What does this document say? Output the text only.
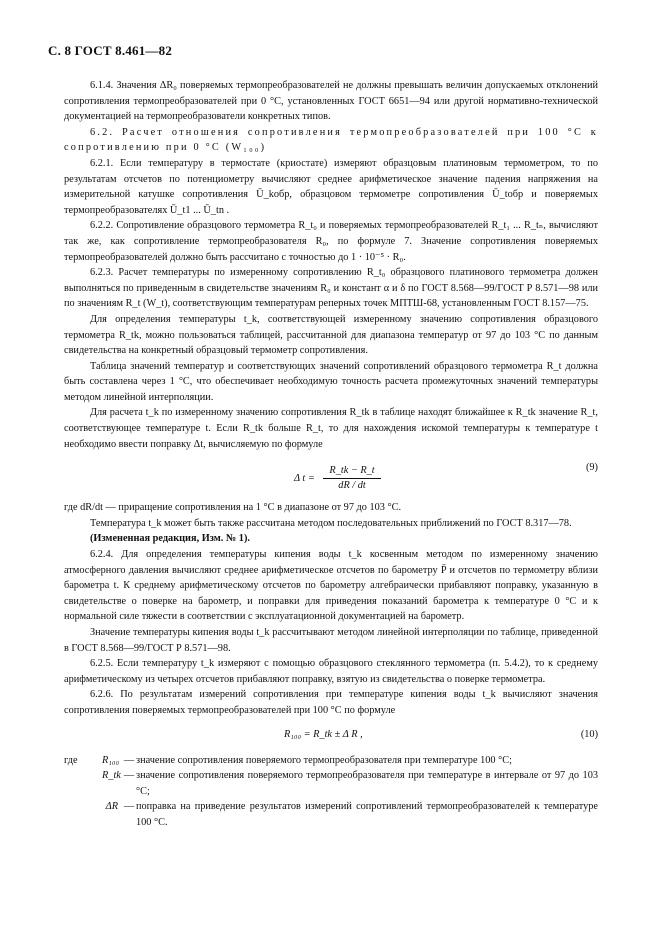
С. 8 ГОСТ 8.461—82

6.1.4. Значения ΔR₀ поверяемых термопреобразователей не должны превышать величин допускаемых отклонений сопротивления термопреобразователей при 0 °С, установленных ГОСТ 6651—94 или другой нормативно-технической документацией на термопреобразователи конкретных типов.

6.2. Расчет отношения сопротивления термопреобразователей при 100 °С к сопротивлению при 0 °С (W₁₀₀)

6.2.1. Если температуру в термостате (криостате) измеряют образцовым платиновым термометром, то по результатам отсчетов по потенциометру вычисляют среднее арифметическое значение падения напряжения на измерительной катушке сопротивления Ū_kобр, образцовом термометре сопротивления Ū_tобр и поверяемых термопреобразователях Ū_t1 ... Ū_tn .

6.2.2. Сопротивление образцового термометра R_t₀ и поверяемых термопреобразователей R_t₁ ... R_tₙ, вычисляют так же, как сопротивление термопреобразователя R₀, по формуле 7. Значение сопротивления поверяемых термопреобразователей должно быть рассчитано с точностью до 1 · 10⁻⁵ · R₀.

6.2.3. Расчет температуры по измеренному сопротивлению R_t₀ образцового платинового термометра должен выполняться по приведенным в свидетельстве значениям R₀ и констант α и δ по ГОСТ 8.568—99/ГОСТ Р 8.571—98 или по значениям R_t (W_t), соответствующим температурам реперных точек МПТШ-68, установленным ГОСТ 8.157—75.

Для определения температуры t_k, соответствующей измеренному значению сопротивления образцового термометра R_tk, можно пользоваться таблицей, рассчитанной для диапазона температур от 97 до 103 °С по данным свидетельства на конкретный образцовый термометр сопротивления.

Таблица значений температур и соответствующих значений сопротивлений образцового термометра R_t должна быть составлена через 1 °С, что обеспечивает необходимую точность расчета промежуточных значений температуры методом линейной интерполяции.

Для расчета t_k по измеренному значению сопротивления R_tk в таблице находят ближайшее к R_tk значение R_t, соответствующее температуре t. Если R_tk больше R_t, то для нахождения искомой температуры к температуре t необходимо ввести поправку Δt, вычисляемую по формуле

Δ $t = \frac{R\_tk - R\_t}{dR / dt}$	(9)

где dR/dt — приращение сопротивления на 1 °С в диапазоне от 97 до 103 °С.

Температура t_k может быть также рассчитана методом последовательных приближений по ГОСТ 8.317—78.

(Измененная редакция, Изм. № 1).

6.2.4. Для определения температуры кипения воды t_k косвенным методом по измеренному значению атмосферного давления вычисляют среднее арифметическое отсчетов по барометру P̄ и отсчетов по термометру вблизи барометра t. К среднему арифметическому отсчетов по барометру алгебраически прибавляют поправку, указанную в свидетельстве о поверке на барометр, и поправки для приведения показаний барометра к температуре 0 °С и к нормальной силе тяжести в соответствии с эксплуатационной документацией на барометр.

Значение температуры кипения воды t_k рассчитывают методом линейной интерполяции по таблице, приведенной в ГОСТ 8.568—99/ГОСТ Р 8.571—98.

6.2.5. Если температуру t_k измеряют с помощью образцового стеклянного термометра (п. 5.4.2), то к среднему арифметическому из четырех отсчетов прибавляют поправку, взятую из свидетельства о поверке термометра.

6.2.6. По результатам измерений сопротивления при температуре кипения воды t_k вычисляют значения сопротивления поверяемых термопреобразователей при 100 °С по формуле

R₁₀₀ = R_tk ± Δ R ,	(10)
где	R₁₀₀ — значение сопротивления поверяемого термопреобразователя при температуре 100 °С;
R_tk — значение сопротивления поверяемого термопреобразователя при температуре в интервале от 97 до 103 °С;
ΔR — поправка на приведение результатов измерений сопротивлений термопреобразователей к температуре 100 °С.
